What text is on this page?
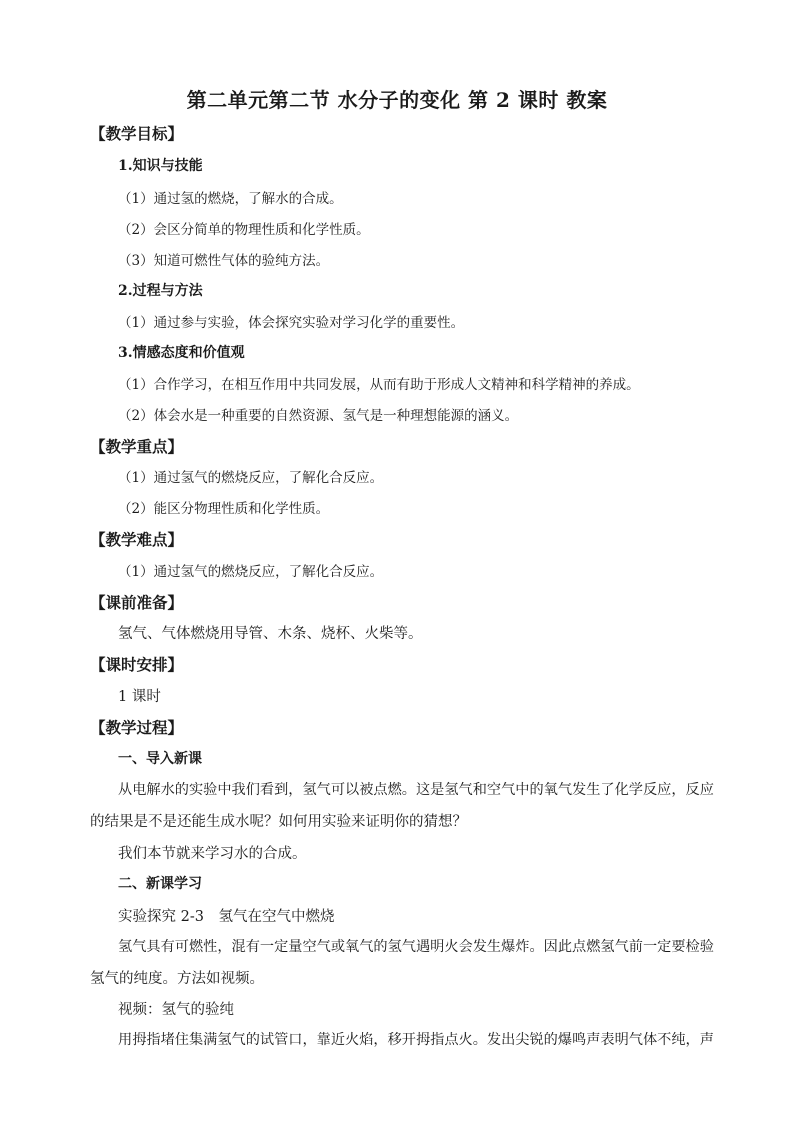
第二单元第二节 水分子的变化 第 2 课时 教案
【教学目标】
1.知识与技能
（1）通过氢的燃烧，了解水的合成。
（2）会区分简单的物理性质和化学性质。
（3）知道可燃性气体的验纯方法。
2.过程与方法
（1）通过参与实验，体会探究实验对学习化学的重要性。
3.情感态度和价值观
（1）合作学习，在相互作用中共同发展，从而有助于形成人文精神和科学精神的养成。
（2）体会水是一种重要的自然资源、氢气是一种理想能源的涵义。
【教学重点】
（1）通过氢气的燃烧反应，了解化合反应。
（2）能区分物理性质和化学性质。
【教学难点】
（1）通过氢气的燃烧反应，了解化合反应。
【课前准备】
氢气、气体燃烧用导管、木条、烧杯、火柴等。
【课时安排】
1 课时
【教学过程】
一、导入新课
从电解水的实验中我们看到，氢气可以被点燃。这是氢气和空气中的氧气发生了化学反应，反应
的结果是不是还能生成水呢？如何用实验来证明你的猜想？
我们本节就来学习水的合成。
二、新课学习
实验探究 2-3　氢气在空气中燃烧
氢气具有可燃性，混有一定量空气或氧气的氢气遇明火会发生爆炸。因此点燃氢气前一定要检验
氢气的纯度。方法如视频。
视频：氢气的验纯
用拇指堵住集满氢气的试管口，靠近火焰，移开拇指点火。发出尖锐的爆鸣声表明气体不纯，声
